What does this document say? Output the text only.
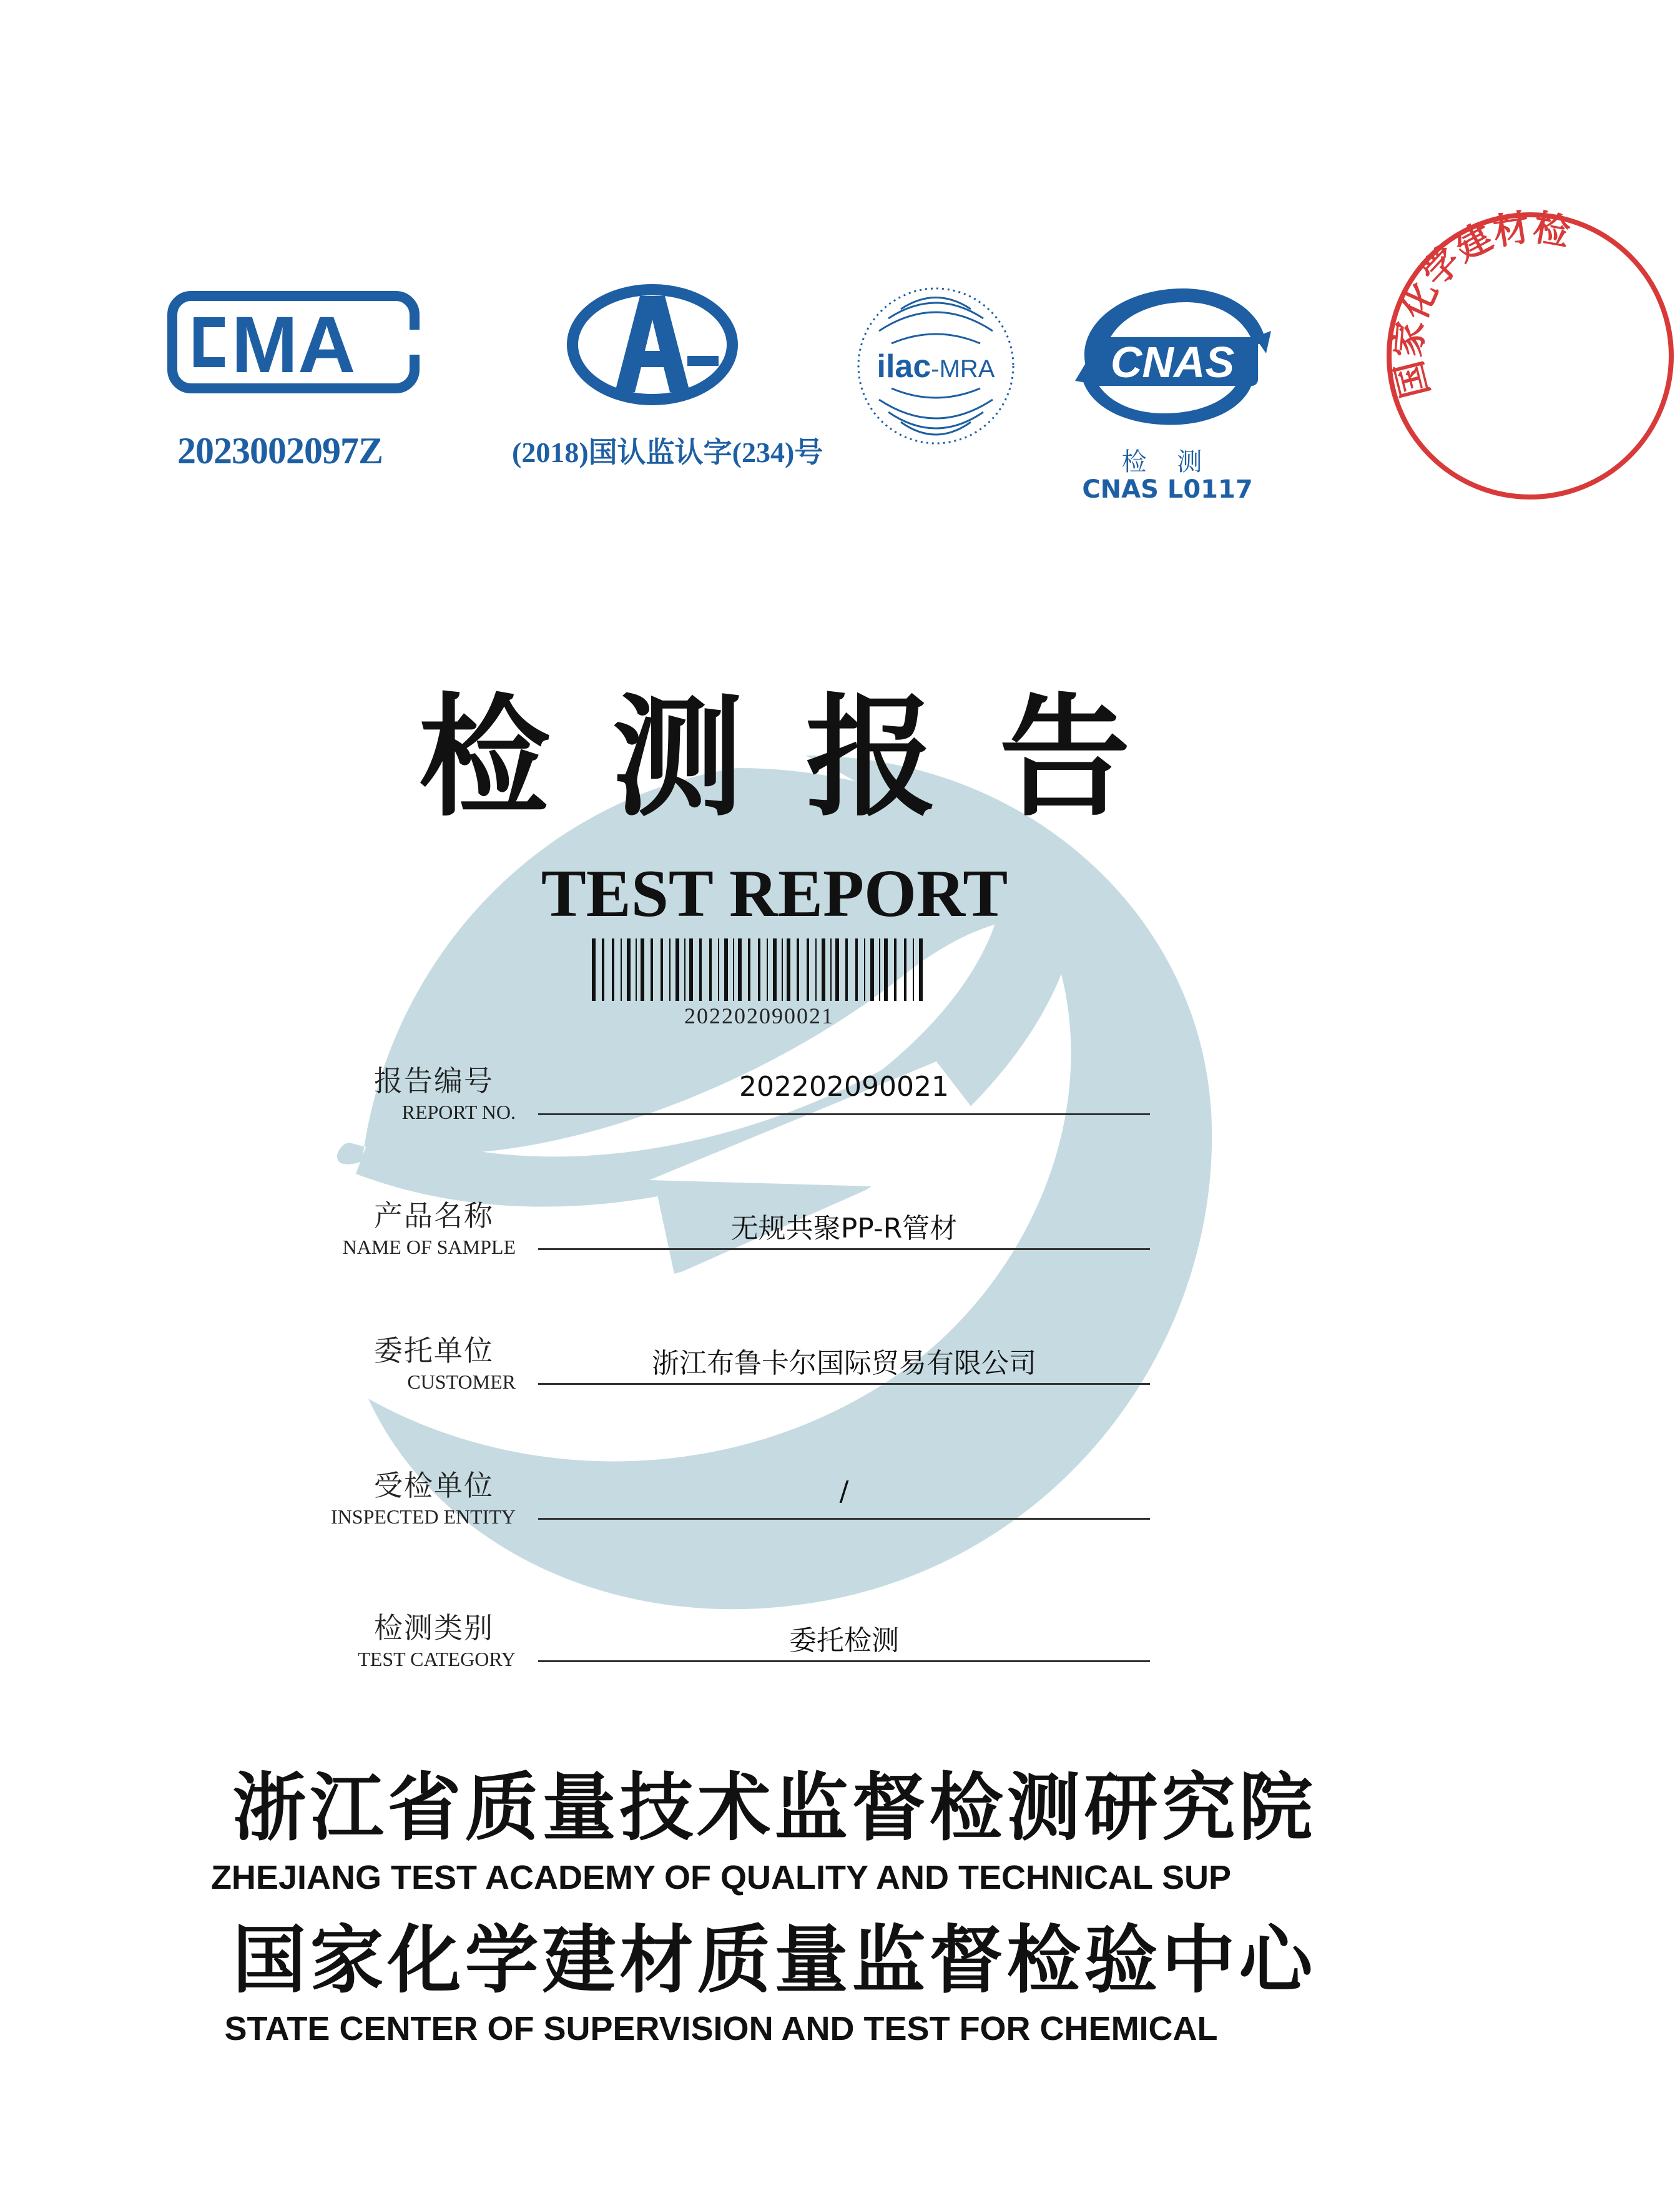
MA
2023002097Z	(2018)国认监认字(234)号
ilac-MRA	CNAS
检 测
CNAS L0117
国家化学建材检
检测报告
TEST REPORT
202202090021
报告编号
REPORT NO.
202202090021
产品名称
NAME OF SAMPLE
无规共聚PP-R管材
委托单位
CUSTOMER
浙江布鲁卡尔国际贸易有限公司
受检单位
INSPECTED ENTITY
/
检测类别
TEST CATEGORY
委托检测
浙江省质量技术监督检测研究院
ZHEJIANG TEST ACADEMY OF QUALITY AND TECHNICAL SUP
国家化学建材质量监督检验中心
STATE CENTER OF SUPERVISION AND TEST FOR CHEMICAL
